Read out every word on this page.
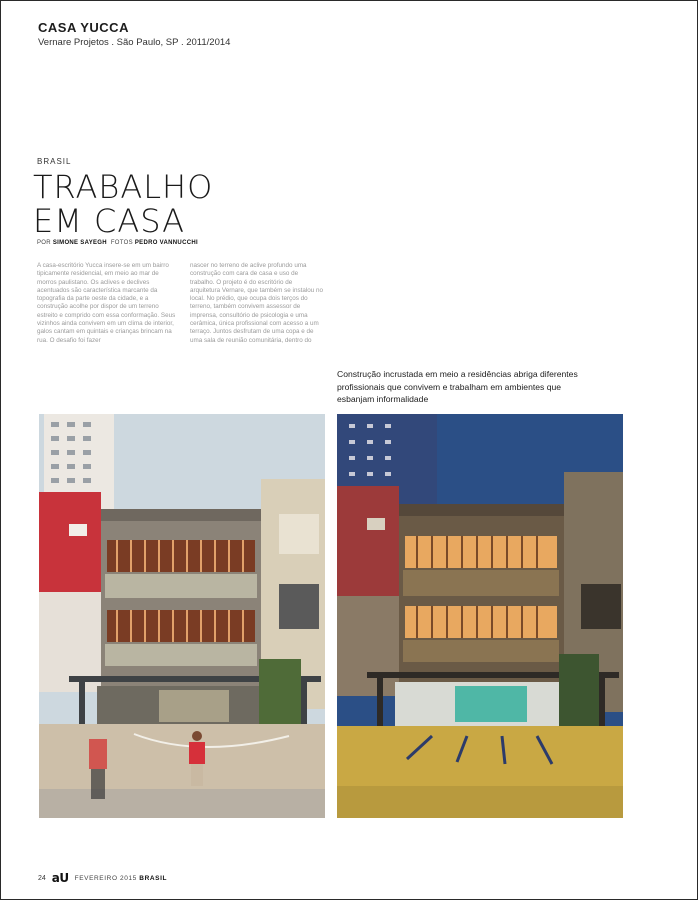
CASA YUCCA
Vernare Projetos . São Paulo, SP . 2011/2014
BRASIL
TRABALHO
EM CASA
POR SIMONE SAYEGH FOTOS PEDRO VANNUCCHI
A casa-escritório Yucca insere-se em um bairro tipicamente residencial, em meio ao mar de morros paulistano. Os aclives e declives acentuados são característica marcante da topografia da parte oeste da cidade, e a construção acolhe por dispor de um terreno estreito e comprido com essa conformação. Seus vizinhos ainda convivem em um clima de interior, galos cantam em quintais e crianças brincam na rua. O desafio foi fazer
nascer no terreno de aclive profundo uma construção com cara de casa e uso de trabalho. O projeto é do escritório de arquitetura Vernare, que também se instalou no local. No prédio, que ocupa dois terços do terreno, também convivem assessor de imprensa, consultório de psicologia e uma cerâmica, única profissional com acesso a um terraço. Juntos desfrutam de uma copa e de uma sala de reunião comunitária, dentro do
Construção incrustada em meio a residências abriga diferentes profissionais que convivem e trabalham em ambientes que esbanjam informalidade
24 aU FEVEREIRO 2015 BRASIL
